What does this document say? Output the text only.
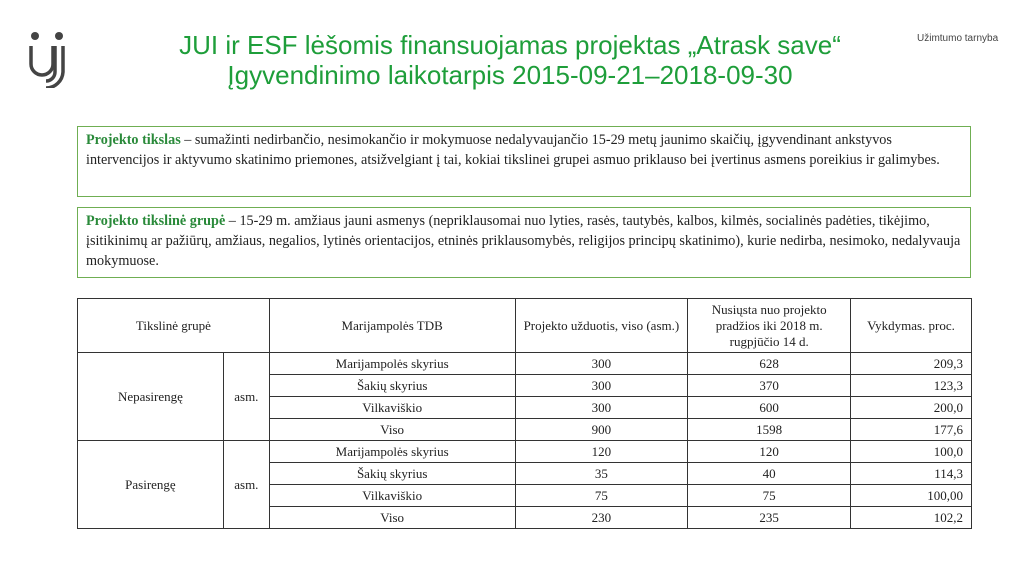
Užimtumo tarnyba
JUI ir ESF lėšomis finansuojamas projektas „Atrask save“
Įgyvendinimo laikotarpis 2015-09-21–2018-09-30
Projekto tikslas – sumažinti nedirbančio, nesimokančio ir mokymuose nedalyvaujančio 15-29 metų jaunimo skaičių, įgyvendinant ankstyvos intervencijos ir aktyvumo skatinimo priemones, atsižvelgiant į tai, kokiai tikslinei grupei asmuo priklauso bei įvertinus asmens poreikius ir galimybes.
Projekto tikslinė grupė – 15-29 m. amžiaus jauni asmenys (nepriklausomai nuo lyties, rasės, tautybės, kalbos, kilmės, socialinės padėties, tikėjimo, įsitikinimų ar pažiūrų, amžiaus, negalios, lytinės orientacijos, etninės priklausomybės, religijos principų skatinimo), kurie nedirba, nesimoko, nedalyvauja mokymuose.
Tikslinė grupė		Marijampolės TDB	Projekto užduotis, viso (asm.)	Nusiųsta nuo projekto pradžios iki 2018 m. rugpjūčio 14 d.	Vykdymas. proc.
Nepasirengę	asm.	Marijampolės skyrius	300	628	209,3
		Šakių skyrius	300	370	123,3
		Vilkaviškio	300	600	200,0
		Viso	900	1598	177,6
Pasirengę	asm.	Marijampolės skyrius	120	120	100,0
		Šakių skyrius	35	40	114,3
		Vilkaviškio	75	75	100,00
		Viso	230	235	102,2
